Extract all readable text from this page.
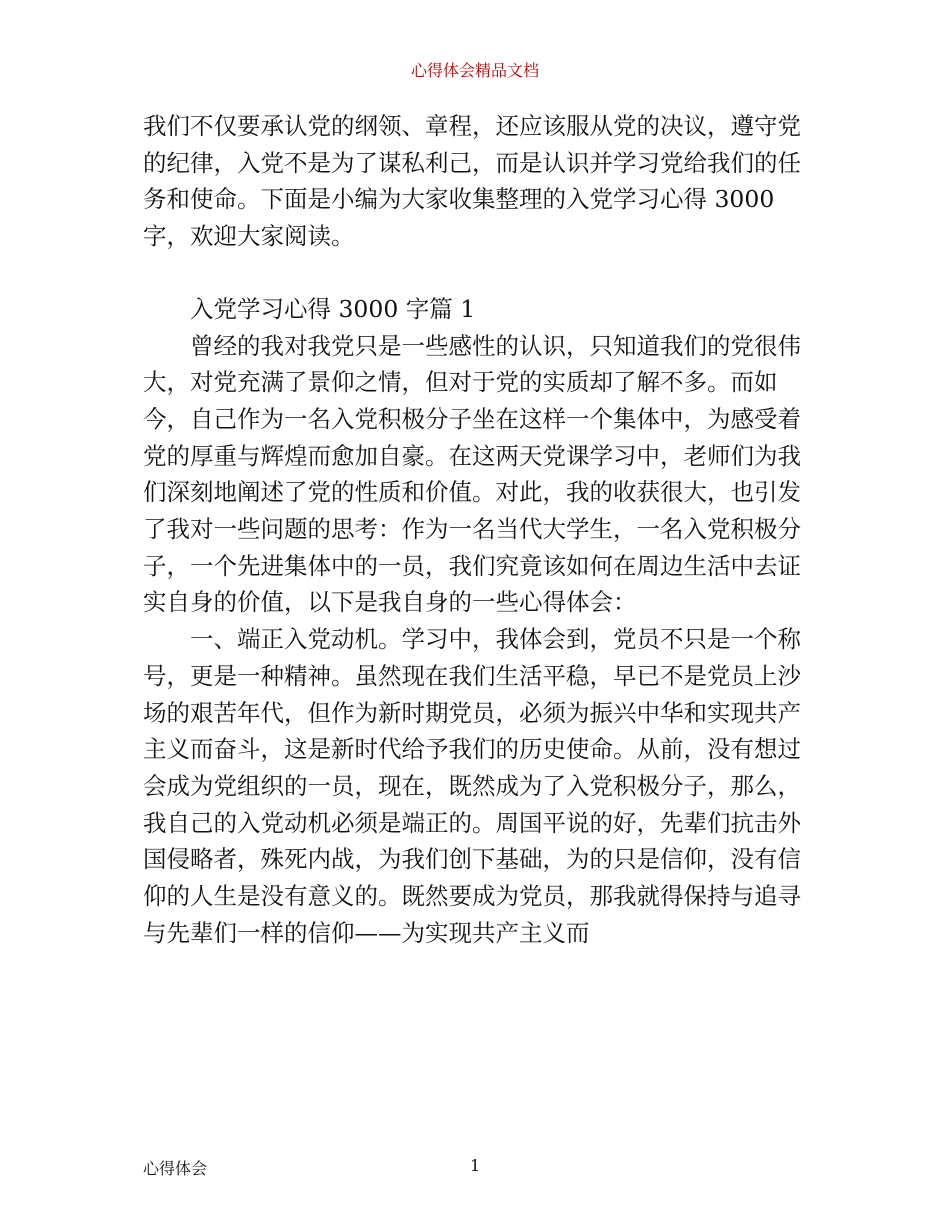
心得体会精品文档

我们不仅要承认党的纲领、章程，还应该服从党的决议，遵守党的纪律，入党不是为了谋私利己，而是认识并学习党给我们的任务和使命。下面是小编为大家收集整理的入党学习心得 3000 字，欢迎大家阅读。

入党学习心得 3000 字篇 1

曾经的我对我党只是一些感性的认识，只知道我们的党很伟大，对党充满了景仰之情，但对于党的实质却了解不多。而如今，自己作为一名入党积极分子坐在这样一个集体中，为感受着党的厚重与辉煌而愈加自豪。在这两天党课学习中，老师们为我们深刻地阐述了党的性质和价值。对此，我的收获很大，也引发了我对一些问题的思考：作为一名当代大学生，一名入党积极分子，一个先进集体中的一员，我们究竟该如何在周边生活中去证实自身的价值，以下是我自身的一些心得体会：

一、端正入党动机。学习中，我体会到，党员不只是一个称号，更是一种精神。虽然现在我们生活平稳，早已不是党员上沙场的艰苦年代，但作为新时期党员，必须为振兴中华和实现共产主义而奋斗，这是新时代给予我们的历史使命。从前，没有想过会成为党组织的一员，现在，既然成为了入党积极分子，那么，我自己的入党动机必须是端正的。周国平说的好，先辈们抗击外国侵略者，殊死内战，为我们创下基础，为的只是信仰，没有信仰的人生是没有意义的。既然要成为党员，那我就得保持与追寻与先辈们一样的信仰——为实现共产主义而

心得体会	1
